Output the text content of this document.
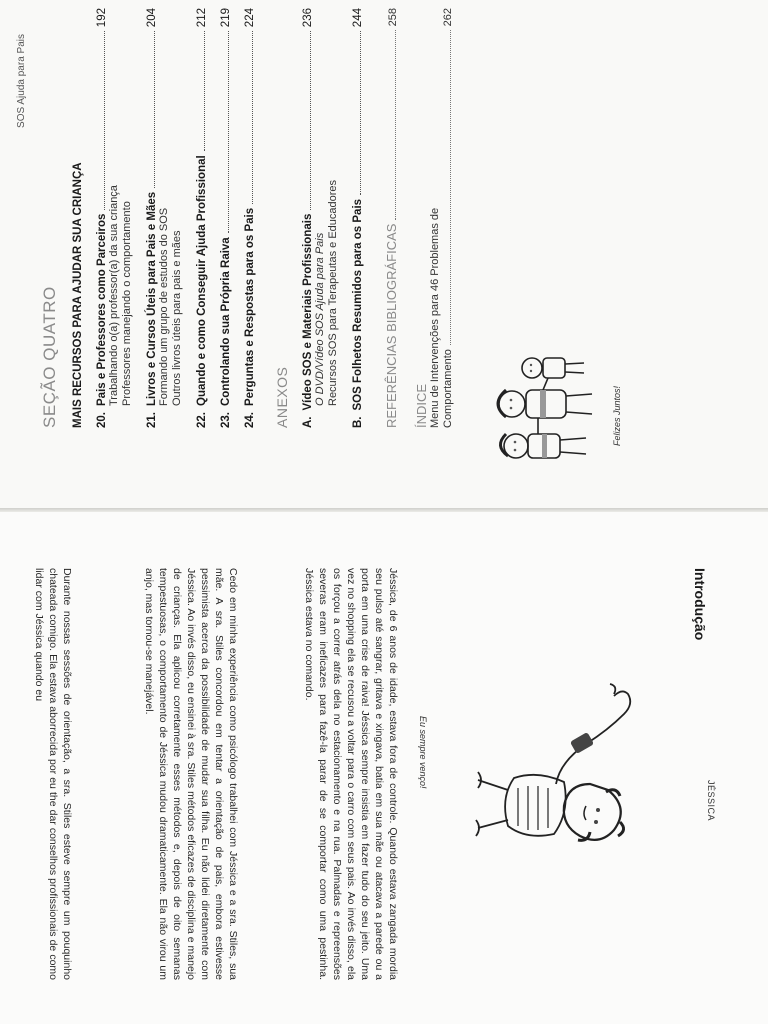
SOS Ajuda para Pais
SEÇÃO QUATRO MAIS RECURSOS PARA AJUDAR SUA CRIANÇA 20.
Pais e Professores como Parceiros
192
Trabalhando o(a) professor(a) da sua criança Professores manejando o comportamento
21.
Livros e Cursos Úteis para Pais e Mães
204
Formando um grupo de estudos do SOS Outros livros úteis para pais e mães
22.
Quando e como Conseguir Ajuda Profissional
212
23.
Controlando sua Própria Raiva
219
24.
Perguntas e Respostas para os Pais
224
ANEXOS A.
Vídeo SOS e Materiais Profissionais
236
O DVD/Vídeo SOS Ajuda para Pais Recursos SOS para Terapeutas e Educadores
B.
SOS Folhetos Resumidos para os Pais
244
REFERÊNCIAS BIBLIOGRÁFICAS
258
ÍNDICE Menu de Intervenções para 46 Problemas de Comportamento
262
Felizes Juntos!
Introdução
JÉSSICA
Eu sempre venço!
Jéssica, de 6 anos de idade, estava fora de controle. Quando estava zangada mordia seu pulso até sangrar, gritava e xingava, batia em sua mãe ou atacava a parede ou a porta em uma crise de raiva! Jéssica sempre insistia em fazer tudo do seu jeito. Uma vez no shopping ela se recusou a voltar para o carro com seus pais. Ao invés disso, ela os forçou a correr atrás dela no estacionamento e na rua. Palmadas e repreensões severas eram ineficazes para fazê-la parar de se comportar como uma pestinha. Jéssica estava no comando.
Cedo em minha experiência como psicólogo trabalhei com Jéssica e a sra. Stiles, sua mãe. A sra. Stiles concordou em tentar a orientação de pais, embora estivesse pessimista acerca da possibilidade de mudar sua filha. Eu não lidei diretamente com Jéssica. Ao invés disso, eu ensinei à sra. Stiles métodos eficazes de disciplina e manejo de crianças. Ela aplicou corretamente esses métodos e, depois de oito semanas tempestuosas, o comportamento de Jéssica mudou dramaticamente. Ela não virou um anjo, mas tornou-se manejável.
Durante nossas sessões de orientação, a sra. Stiles esteve sempre um pouquinho chateada comigo. Ela estava aborrecida por eu the dar conselhos profissionais de como lidar com Jéssica quando eu
